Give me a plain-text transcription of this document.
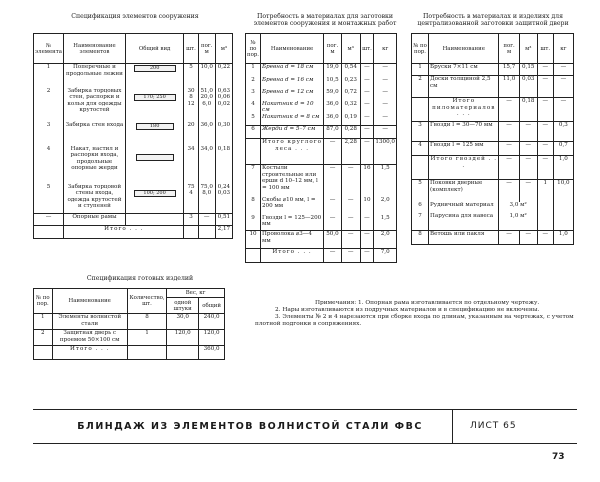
Спецификация элементов сооружения
№ элемента	Наименование элементов	Общий вид	шт.	пог. м	м³
1	Поперечные и продольные лежни	200	5	10,0	0,22
2	Забирка торцовых стен, распорки и колья для одежды крутостей	170; 250	30 8 12	51,0 20,0 6,0	0,63 0,06 0,02
3	Забирка стен входа	180	20	36,0	0,30
4	Накат, настил и распорки входа, продольные опорные жерди		34	34,0	0,18
5	Забирка торцовой стены входа, одежда крутостей и ступеней	100; 200	75 4	75,0 8,0	0,24 0,03
—	Опорные рамы		3	—	0,51
	Итого . . .				2,17
Спецификация готовых изделий
№ по пор.	Наименование	Количество, шт.	Вес, кг	
			одной штуки	общий
1	Элементы волнистой стали	8	30,0	240,0
2	Защитная дверь с проемом 50×100 см	1	120,0	120,0
	Итого . . .			360,0
Потребность в материалах для заготовки элементов сооружения и монтажных работ
№ по пор.	Наименование	пог. м	м³	шт.	кг
1	Бревна d = 18 см	19,0	0,54	—	—
2	Бревна d = 16 см	10,5	0,23	—	—
3	Бревна d = 12 см	59,0	0,72	—	—
4	Накатник d = 10 см	36,0	0,32	—	—
5	Накатник d = 8 см	36,0	0,19	—	—
6	Жерди d = 5–7 см	87,0	0,28	—	—
	Итого круглого леса . . .	—	2,28	—	1300,0
7	Костыли строительные или ерши d 10–12 мм, l = 100 мм	—	—	16	1,5
8	Скобы ⌀10 мм, l = 200 мм	—	—	10	2,0
9	Гвозди l = 125—200 мм	—	—	—	1,5
10	Проволока ⌀3—4 мм	50,0	—	—	2,0
	Итого . . .	—	—	—	7,0
Потребность в материалах и изделиях для централизованной заготовки защитной двери
№ по пор.	Наименование	пог. м	м³	шт.	кг
1	Бруски 7×11 см	15,7	0,15	—	—
2	Доски толщиной 2,5 см	11,0	0,03	—	—
	Итого пиломатериалов . . .	—	0,18	—	—
3	Гвозди l = 30—70 мм	—	—	—	0,3
4	Гвозди l = 125 мм	—	—	—	0,7
	Итого гвоздей . . .	—	—	—	1,0
5	Поковки дверные (комплект)	—	—	1	10,0
6	Рудничный материал	3,0 м²			
7	Парусина для навеса	1,0 м²			
8	Ветошь или пакля	—	—	—	1,0
Примечания: 1. Опорная рама изготавливается по отдельному чертежу.
2. Нары изготавливаются из подручных материалов и в спецификацию не включены.
3. Элементы № 2 и 4 нарезаются при сборке входа по длинам, указанным на чертежах, с учетом плотной подгонки в сопряжениях.
БЛИНДАЖ ИЗ ЭЛЕМЕНТОВ ВОЛНИСТОЙ СТАЛИ ФВС	ЛИСТ 65
73
